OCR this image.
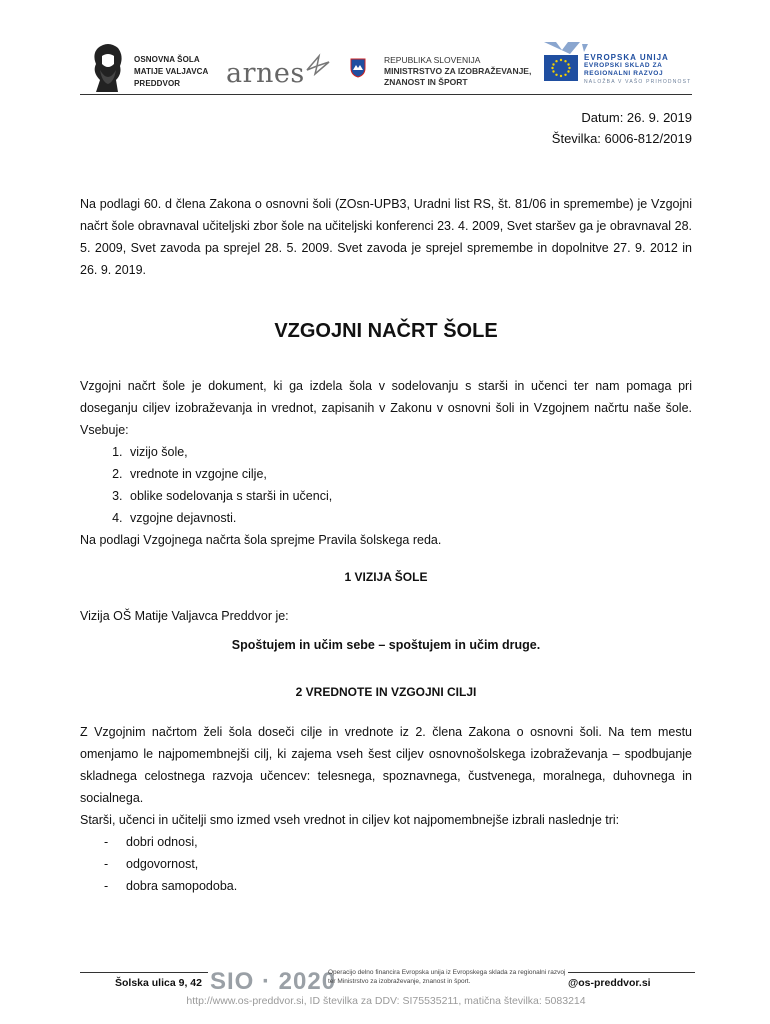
OSNOVNA ŠOLA
MATIJE VALJAVCA
PREDDVOR	arnes	REPUBLIKA SLOVENIJA
MINISTRSTVO ZA IZOBRAŽEVANJE,
ZNANOST IN ŠPORT
EVROPSKA UNIJA
EVROPSKI SKLAD ZA
REGIONALNI RAZVOJ
NALOŽBA V VAŠO PRIHODNOST
Datum: 26. 9. 2019
Številka: 6006-812/2019
Na podlagi 60. d člena Zakona o osnovni šoli (ZOsn-UPB3, Uradni list RS, št. 81/06 in spremembe) je Vzgojni načrt šole obravnaval učiteljski zbor šole na učiteljski konferenci 23. 4. 2009, Svet staršev ga je obravnaval 28. 5. 2009, Svet zavoda pa sprejel 28. 5. 2009. Svet zavoda je sprejel spremembe in dopolnitve 27. 9. 2012 in 26. 9. 2019.
VZGOJNI NAČRT ŠOLE
Vzgojni načrt šole je dokument, ki ga izdela šola v sodelovanju s starši in učenci ter nam pomaga pri doseganju ciljev izobraževanja in vrednot, zapisanih v Zakonu v osnovni šoli in Vzgojnem načrtu naše šole. Vsebuje:
1. vizijo šole,
2. vrednote in vzgojne cilje,
3. oblike sodelovanja s starši in učenci,
4. vzgojne dejavnosti.
Na podlagi Vzgojnega načrta šola sprejme Pravila šolskega reda.
1 VIZIJA ŠOLE
Vizija OŠ Matije Valjavca Preddvor je:
Spoštujem in učim sebe – spoštujem in učim druge.
2 VREDNOTE IN VZGOJNI CILJI
Z Vzgojnim načrtom želi šola doseči cilje in vrednote iz 2. člena Zakona o osnovni šoli. Na tem mestu omenjamo le najpomembnejši cilj, ki zajema vseh šest ciljev osnovnošolskega izobraževanja – spodbujanje skladnega celostnega razvoja učencev: telesnega, spoznavnega, čustvenega, moralnega, duhovnega in socialnega.
Starši, učenci in učitelji smo izmed vseh vrednot in ciljev kot najpomembnejše izbrali naslednje tri:
- dobri odnosi,
- odgovornost,
- dobra samopodoba.
Šolska ulica 9, 42 SIO · 2020
Operacijo delno financira Evropska unija iz Evropskega sklada za regionalni razvoj ter Ministrstvo za izobraževanje, znanost in šport.	@os-preddvor.si
http://www.os-preddvor.si, ID številka za DDV: SI75535211, matična številka: 5083214
